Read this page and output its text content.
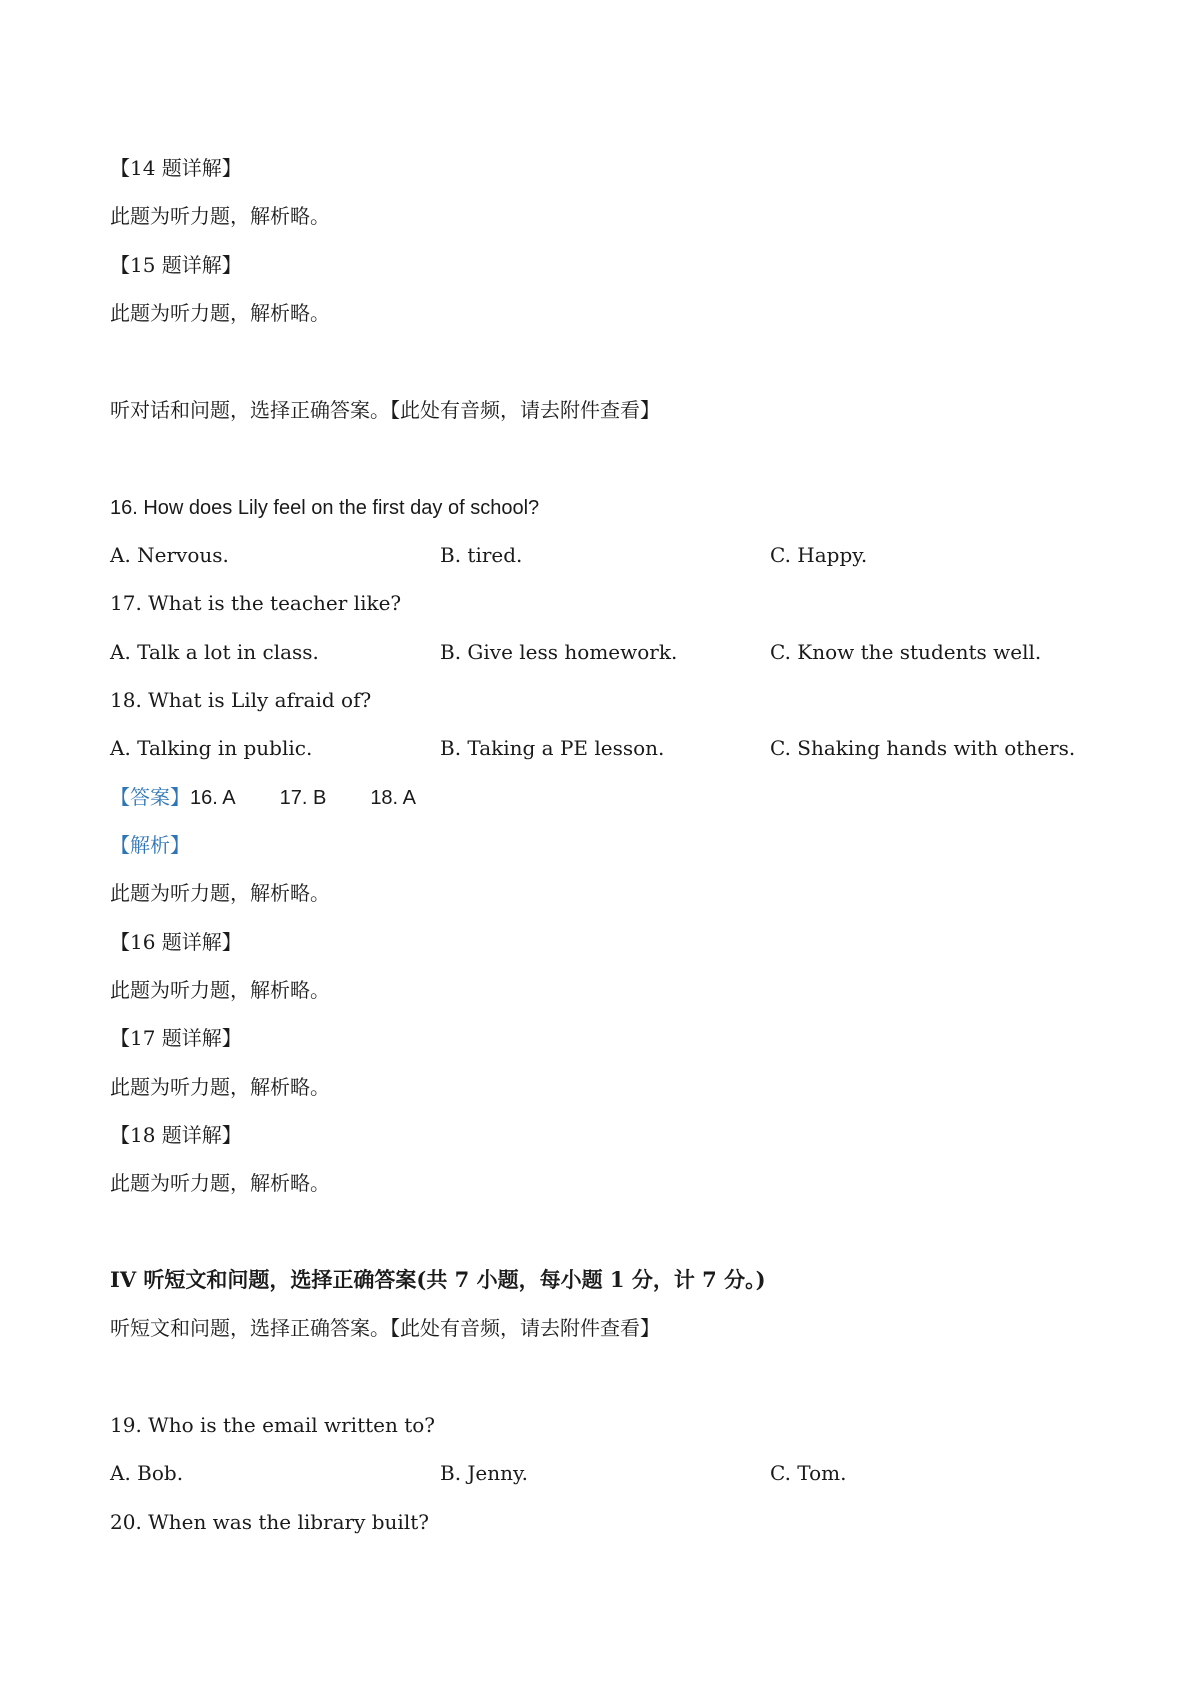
【14 题详解】
此题为听力题，解析略。
【15 题详解】
此题为听力题，解析略。
听对话和问题，选择正确答案。【此处有音频，请去附件查看】
16. How does Lily feel on the first day of school?
A. Nervous.	B. tired.	C. Happy.
17. What is the teacher like?
A. Talk a lot in class.	B. Give less homework.	C. Know the students well.
18. What is Lily afraid of?
A. Talking in public.	B. Taking a PE lesson.	C. Shaking hands with others.
【答案】16. A 17. B 18. A
【解析】
此题为听力题，解析略。
【16 题详解】
此题为听力题，解析略。
【17 题详解】
此题为听力题，解析略。
【18 题详解】
此题为听力题，解析略。
IV 听短文和问题，选择正确答案(共 7 小题，每小题 1 分，计 7 分。)
听短文和问题，选择正确答案。【此处有音频，请去附件查看】
19. Who is the email written to?
A. Bob.	B. Jenny.	C. Tom.
20. When was the library built?
